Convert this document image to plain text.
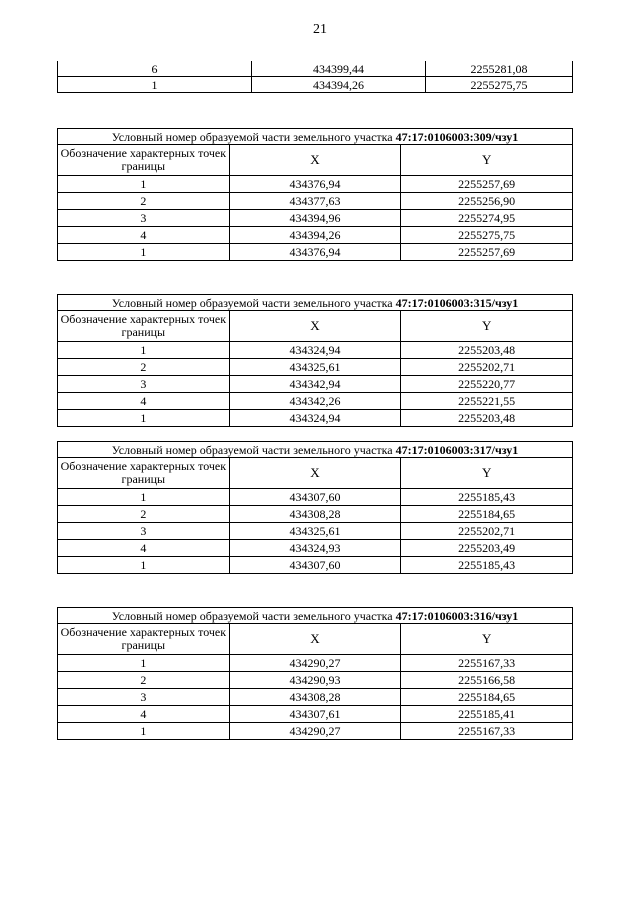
21
6	434399,44	2255281,08
1	434394,26	2255275,75
Условный номер образуемой части земельного участка 47:17:0106003:309/чзу1		
Обозначение характерных точек границы	X	Y
1	434376,94	2255257,69
2	434377,63	2255256,90
3	434394,96	2255274,95
4	434394,26	2255275,75
1	434376,94	2255257,69
Условный номер образуемой части земельного участка 47:17:0106003:315/чзу1		
Обозначение характерных точек границы	X	Y
1	434324,94	2255203,48
2	434325,61	2255202,71
3	434342,94	2255220,77
4	434342,26	2255221,55
1	434324,94	2255203,48
Условный номер образуемой части земельного участка 47:17:0106003:317/чзу1		
Обозначение характерных точек границы	X	Y
1	434307,60	2255185,43
2	434308,28	2255184,65
3	434325,61	2255202,71
4	434324,93	2255203,49
1	434307,60	2255185,43
Условный номер образуемой части земельного участка 47:17:0106003:316/чзу1		
Обозначение характерных точек границы	X	Y
1	434290,27	2255167,33
2	434290,93	2255166,58
3	434308,28	2255184,65
4	434307,61	2255185,41
1	434290,27	2255167,33
